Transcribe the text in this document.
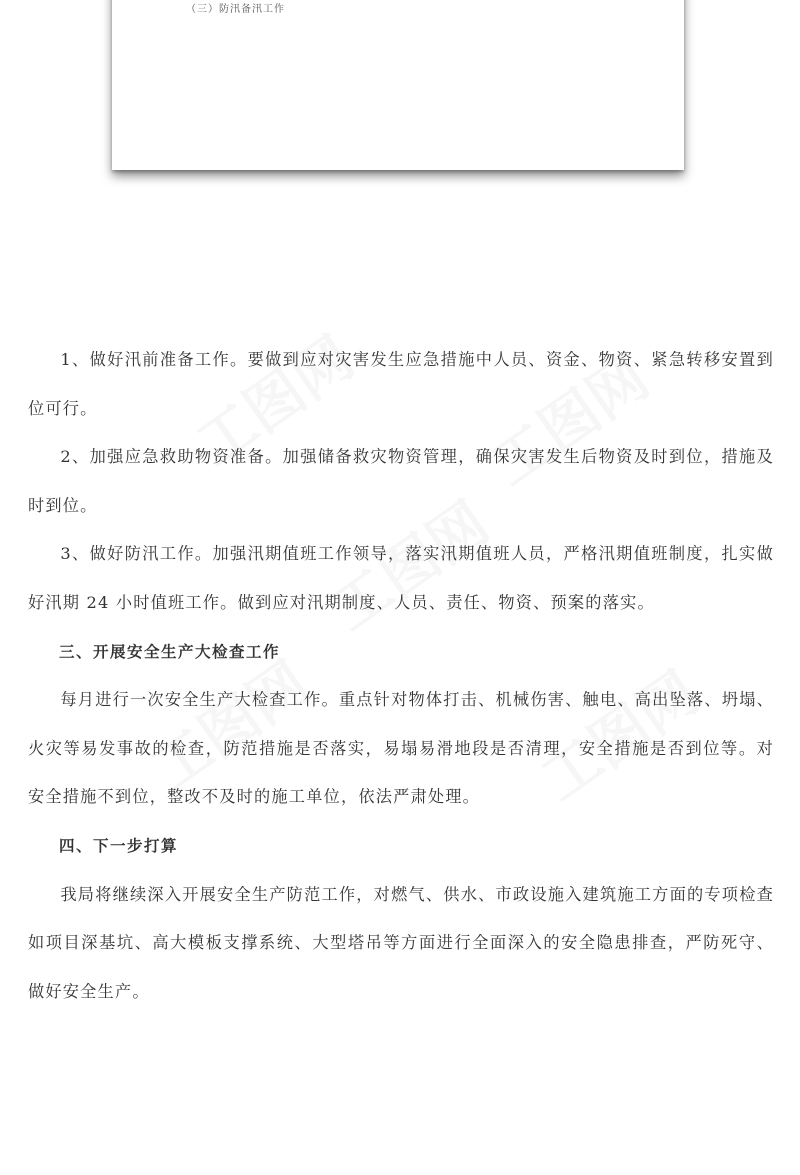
（三）防汛备汛工作

1、做好汛前准备工作。要做到应对灾害发生应急措施中人员、资金、物资、紧急转移安置到位可行。

2、加强应急救助物资准备。加强储备救灾物资管理，确保灾害发生后物资及时到位，措施及时到位。

3、做好防汛工作。加强汛期值班工作领导，落实汛期值班人员，严格汛期值班制度，扎实做好汛期 24 小时值班工作。做到应对汛期制度、人员、责任、物资、预案的落实。

三、开展安全生产大检查工作

每月进行一次安全生产大检查工作。重点针对物体打击、机械伤害、触电、高出坠落、坍塌、火灾等易发事故的检查，防范措施是否落实，易塌易滑地段是否清理，安全措施是否到位等。对安全措施不到位，整改不及时的施工单位，依法严肃处理。

四、下一步打算

我局将继续深入开展安全生产防范工作，对燃气、供水、市政设施入建筑施工方面的专项检查如项目深基坑、高大模板支撑系统、大型塔吊等方面进行全面深入的安全隐患排查，严防死守、做好安全生产。
